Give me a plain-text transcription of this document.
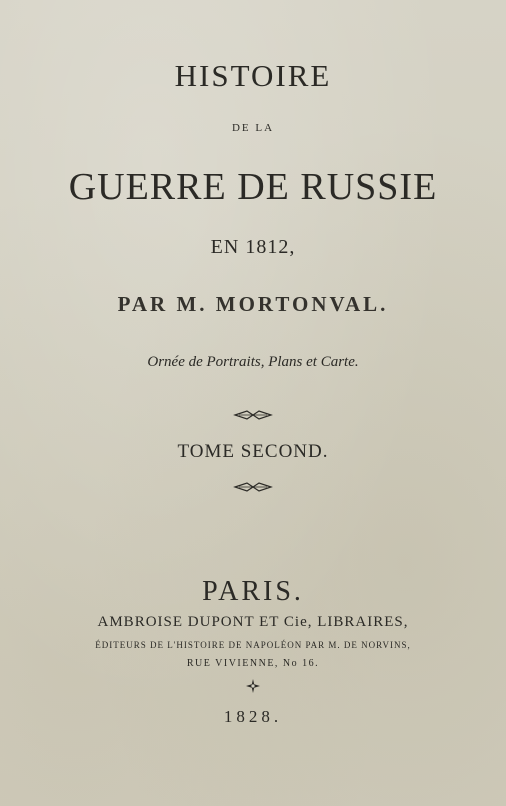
HISTOIRE
DE LA
GUERRE DE RUSSIE
EN 1812,
PAR M. MORTONVAL.
Ornée de Portraits, Plans et Carte.
TOME SECOND.
PARIS.
AMBROISE DUPONT ET Cie, LIBRAIRES,
ÉDITEURS DE L'HISTOIRE DE NAPOLÉON PAR M. DE NORVINS,
RUE VIVIENNE, No 16.
1828.
